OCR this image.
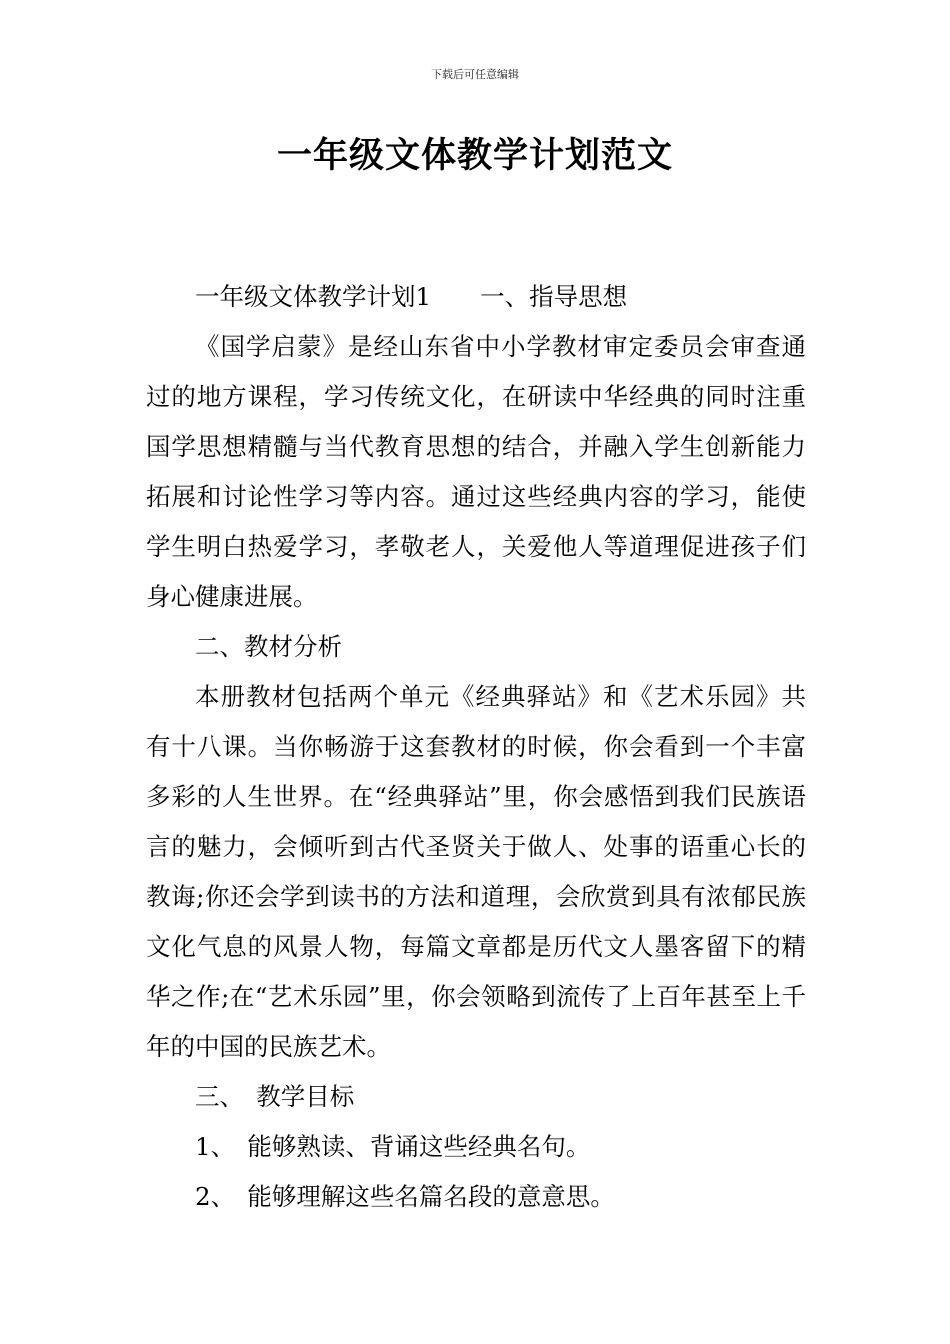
下载后可任意编辑
一年级文体教学计划范文

一年级文体教学计划1　　一、指导思想

《国学启蒙》是经山东省中小学教材审定委员会审查通过的地方课程，学习传统文化，在研读中华经典的同时注重国学思想精髓与当代教育思想的结合，并融入学生创新能力拓展和讨论性学习等内容。通过这些经典内容的学习，能使学生明白热爱学习，孝敬老人，关爱他人等道理促进孩子们身心健康进展。

二、教材分析

本册教材包括两个单元《经典驿站》和《艺术乐园》共有十八课。当你畅游于这套教材的时候，你会看到一个丰富多彩的人生世界。在“经典驿站”里，你会感悟到我们民族语言的魅力，会倾听到古代圣贤关于做人、处事的语重心长的教诲;你还会学到读书的方法和道理，会欣赏到具有浓郁民族文化气息的风景人物，每篇文章都是历代文人墨客留下的精华之作;在“艺术乐园”里，你会领略到流传了上百年甚至上千年的中国的民族艺术。

三、　教学目标

1、　能够熟读、背诵这些经典名句。

2、　能够理解这些名篇名段的意意思。
